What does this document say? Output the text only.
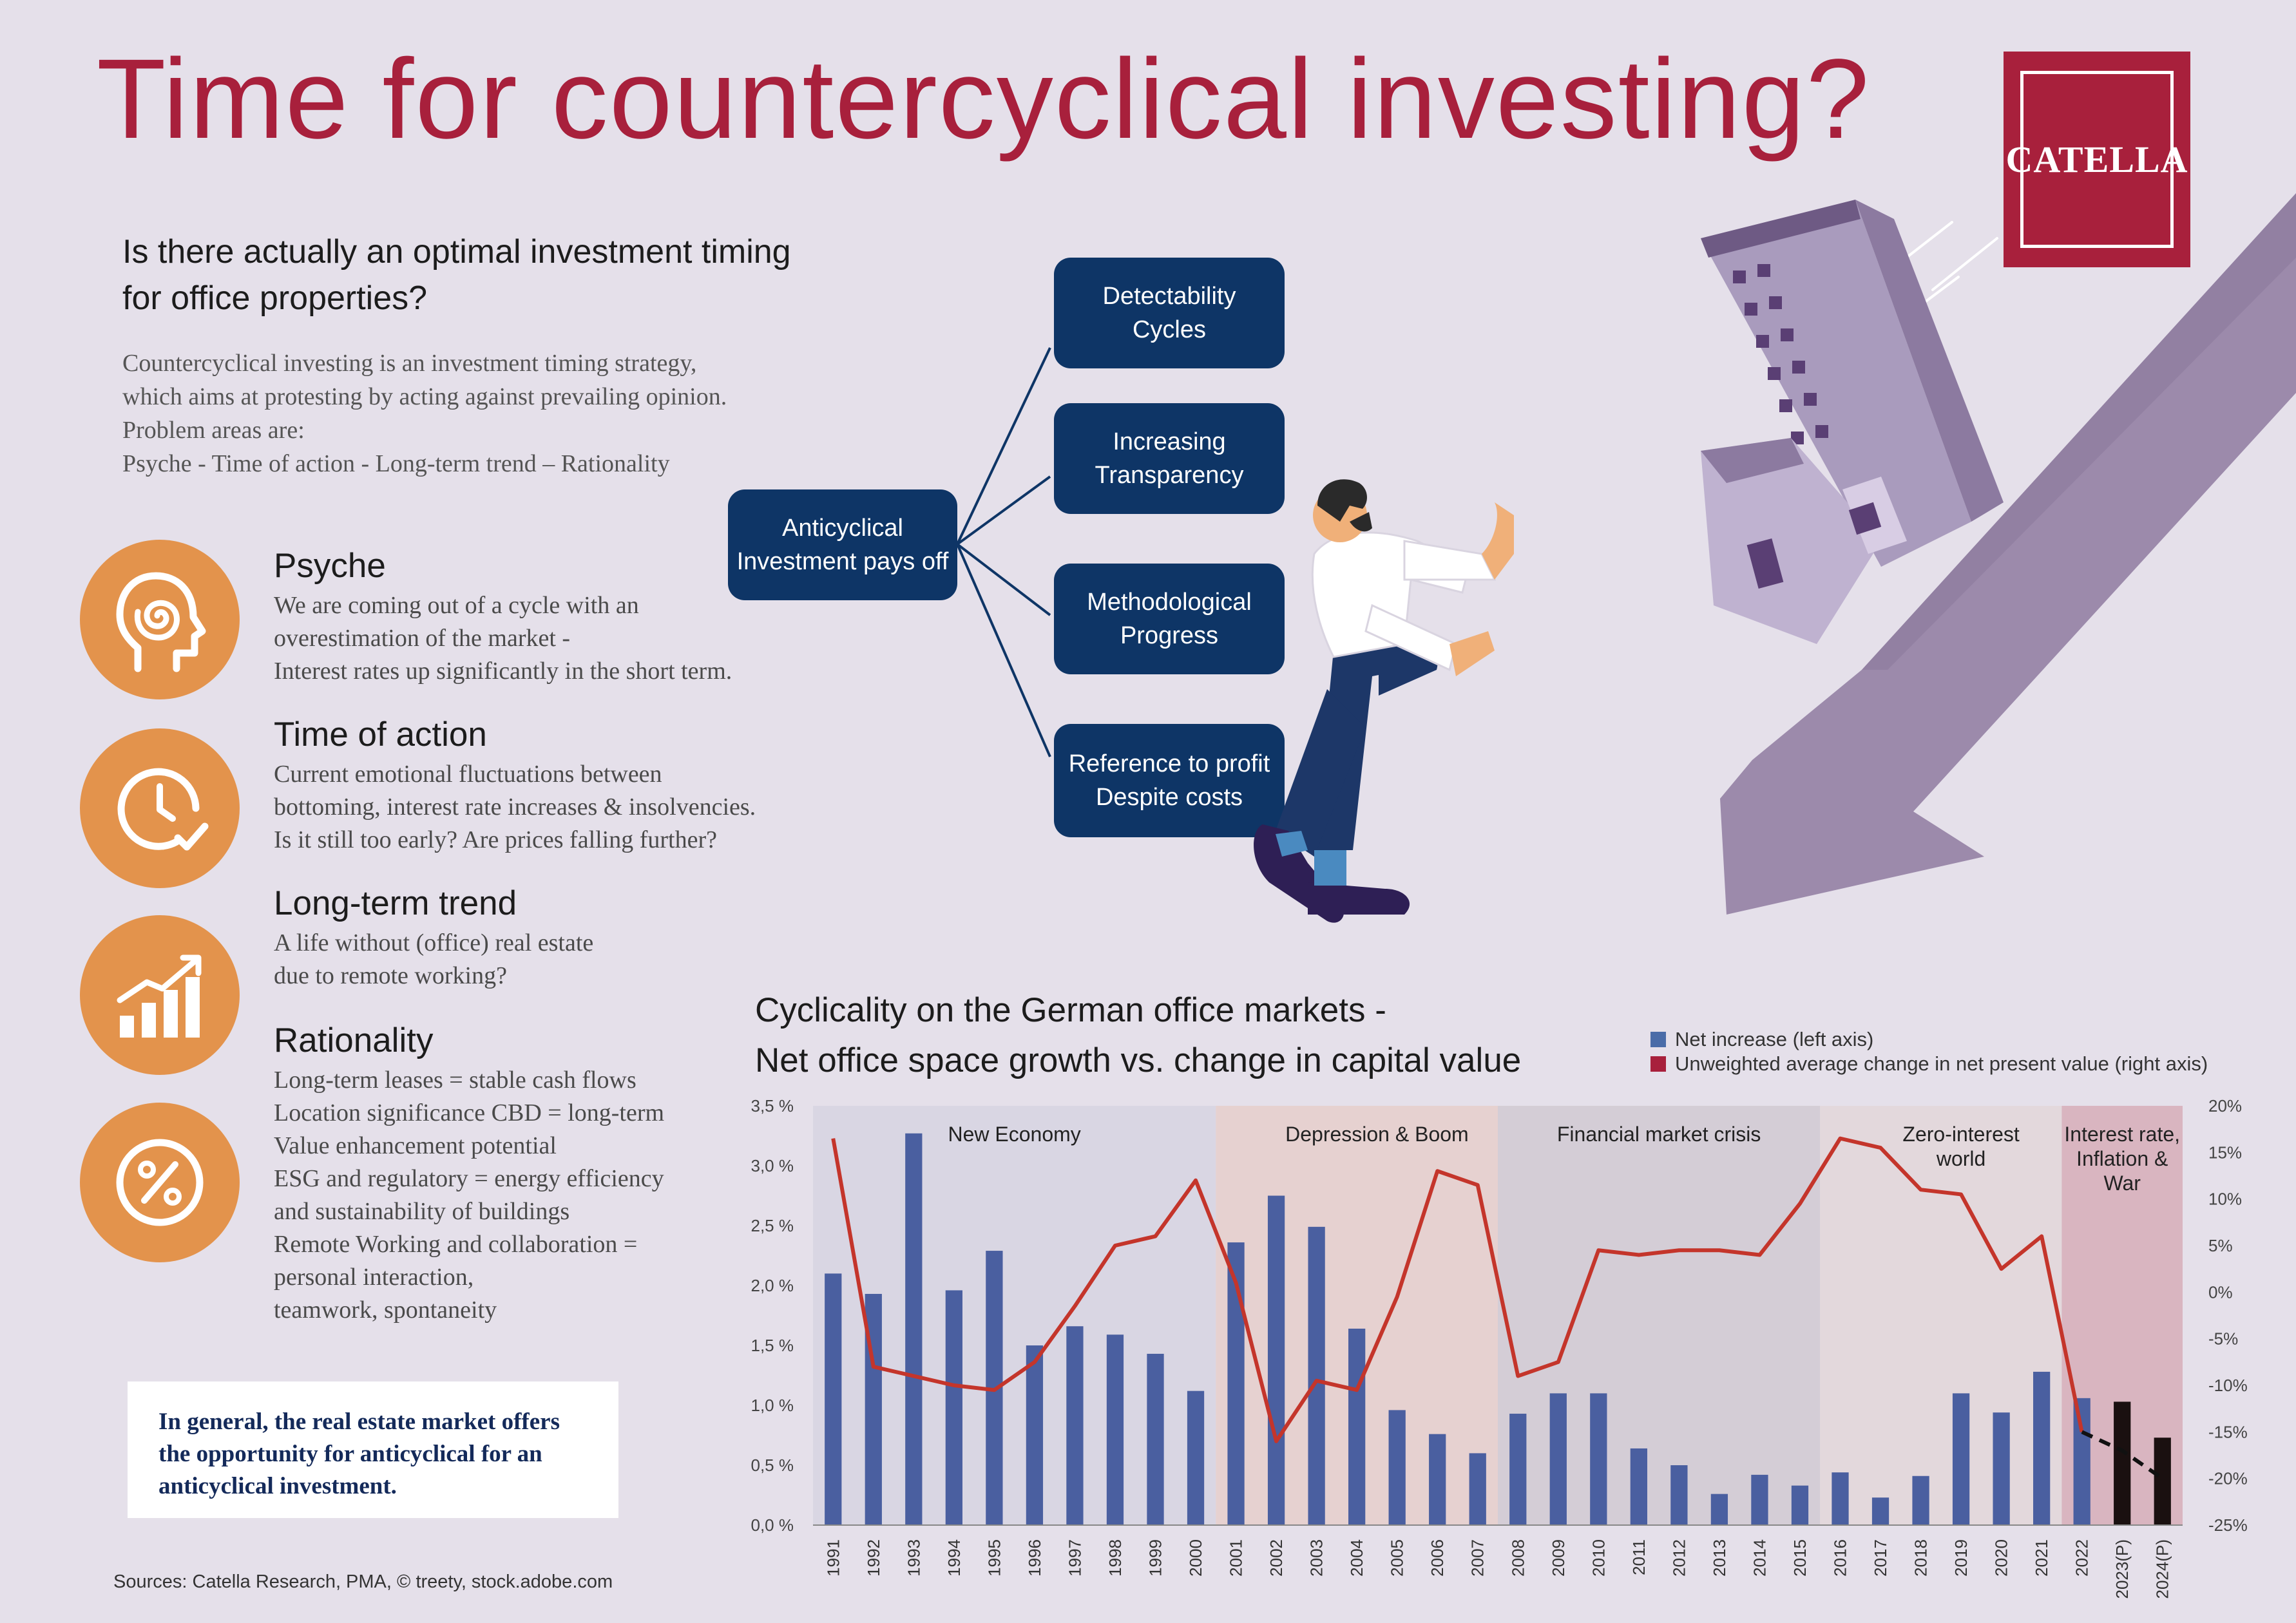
Time for countercyclical investing?	CATELLA
Is there actually an optimal investment timing for office properties?
Countercyclical investing is an investment timing strategy,
which aims at protesting by acting against prevailing opinion.
Problem areas are:
Psyche - Time of action - Long-term trend – Rationality
Psyche
We are coming out of a cycle with an
overestimation of the market -
Interest rates up significantly in the short term.
Time of action
Current emotional fluctuations between
bottoming, interest rate increases & insolvencies.
Is it still too early? Are prices falling further?
Long-term trend
A life without (office) real estate
due to remote working?
Rationality
Long-term leases = stable cash flows
Location significance CBD = long-term
Value enhancement potential
ESG and regulatory = energy efficiency
and sustainability of buildings
Remote Working and collaboration =
personal interaction,
teamwork, spontaneity
In general, the real estate market offers the opportunity for anticyclical for an anticyclical investment.
Sources: Catella Research, PMA, © treety, stock.adobe.com
Anticyclical
Investment pays off
Detectability
Cycles
Increasing
Transparency
Methodological
Progress
Reference to profit
Despite costs
Cyclicality on the German office markets -
Net office space growth vs. change in capital value
Net increase (left axis)
Unweighted average change in net present value (right axis)
New Economy	Depression & Boom	Financial market crisis	Zero-interest world
Interest rate, Inflation & War
0,0 %
0,5 %
1,0 %
1,5 %
2,0 %
2,5 %
3,0 %
3,5 %
-25%
-20%
-15%
-10%
-5%
0%
5%
10%
15%
20%
1991 1992 1993 1994 1995 1996 1997 1998 1999 2000 2001 2002 2003 2004 2005 2006 2007 2008 2009 2010 2011 2012 2013 2014 2015 2016 2017 2018 2019 2020 2021 2022 2023(P) 2024(P)
